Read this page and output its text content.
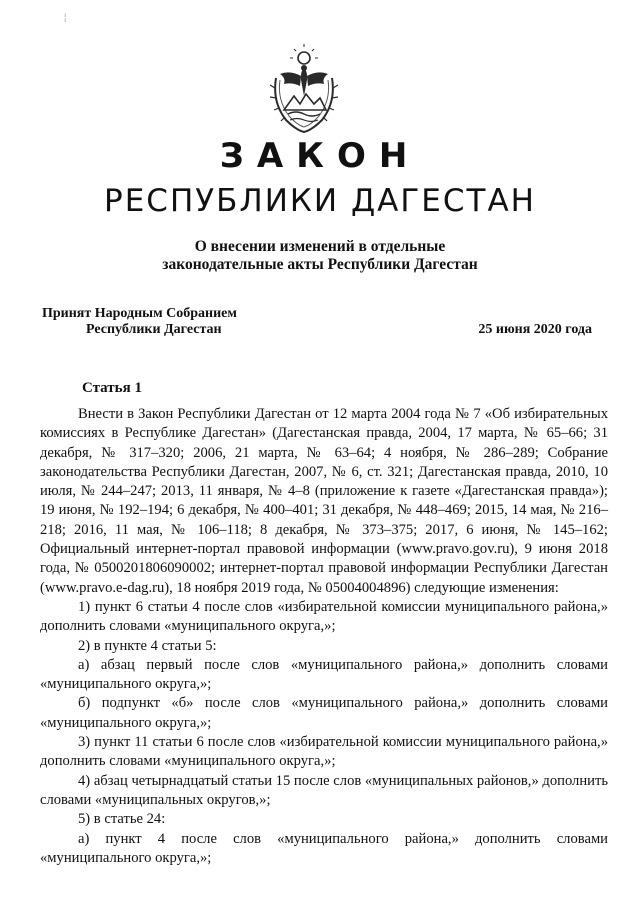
¦
ЗАКОН
РЕСПУБЛИКИ ДАГЕСТАН
О внесении изменений в отдельные
законодательные акты Республики Дагестан
Принят Народным Собранием
Республики Дагестан	25 июня 2020 года
Статья 1

Внести в Закон Республики Дагестан от 12 марта 2004 года № 7 «Об избирательных комиссиях в Республике Дагестан» (Дагестанская правда, 2004, 17 марта, № 65–66; 31 декабря, № 317–320; 2006, 21 марта, № 63–64; 4 ноября, № 286–289; Собрание законодательства Республики Дагестан, 2007, № 6, ст. 321; Дагестанская правда, 2010, 10 июля, № 244–247; 2013, 11 января, № 4–8 (приложение к газете «Дагестанская правда»); 19 июня, № 192–194; 6 декабря, № 400–401; 31 декабря, № 448–469; 2015, 14 мая, № 216–218; 2016, 11 мая, № 106–118; 8 декабря, № 373–375; 2017, 6 июня, № 145–162; Официальный интернет-портал правовой информации (www.pravo.gov.ru), 9 июня 2018 года, № 0500201806090002; интернет-портал правовой информации Республики Дагестан (www.pravo.e-dag.ru), 18 ноября 2019 года, № 05004004896) следующие изменения:

1) пункт 6 статьи 4 после слов «избирательной комиссии муниципального района,» дополнить словами «муниципального округа,»;

2) в пункте 4 статьи 5:

а) абзац первый после слов «муниципального района,» дополнить словами «муниципального округа,»;

б) подпункт «б» после слов «муниципального района,» дополнить словами «муниципального округа,»;

3) пункт 11 статьи 6 после слов «избирательной комиссии муниципального района,» дополнить словами «муниципального округа,»;

4) абзац четырнадцатый статьи 15 после слов «муниципальных районов,» дополнить словами «муниципальных округов,»;

5) в статье 24:

а) пункт 4 после слов «муниципального района,» дополнить словами «муниципального округа,»;
